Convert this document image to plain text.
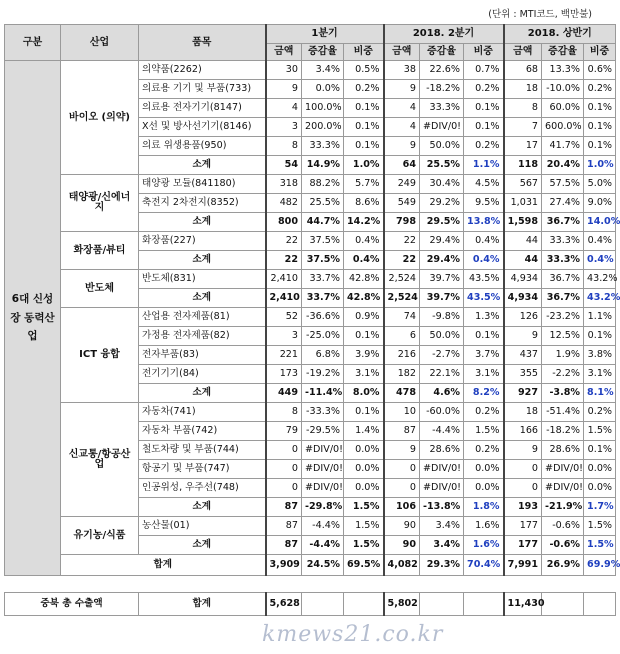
(단위 : MTI코드, 백만불)
구분	산업	품목	1분기			2018. 2분기			2018. 상반기		
			금액	증감율	비중	금액	증감율	비중	금액	증감율	비중
6대 신성장 동력산업	바이오 (의약)	의약품(2262)	30	3.4%	0.5%	38	22.6%	0.7%	68	13.3%	0.6%
		의료용 기기 및 부품(733)	9	0.0%	0.2%	9	-18.2%	0.2%	18	-10.0%	0.2%
		의료용 전자기기(8147)	4	100.0%	0.1%	4	33.3%	0.1%	8	60.0%	0.1%
		X선 및 방사선기기(8146)	3	200.0%	0.1%	4	#DIV/0!	0.1%	7	600.0%	0.1%
		의료 위생용품(950)	8	33.3%	0.1%	9	50.0%	0.2%	17	41.7%	0.1%
		소계	54	14.9%	1.0%	64	25.5%	1.1%	118	20.4%	1.0%
	태양광/신에너지	태양광 모듈(841180)	318	88.2%	5.7%	249	30.4%	4.5%	567	57.5%	5.0%
		축전지 2차전지(8352)	482	25.5%	8.6%	549	29.2%	9.5%	1,031	27.4%	9.0%
		소계	800	44.7%	14.2%	798	29.5%	13.8%	1,598	36.7%	14.0%
	화장품/뷰티	화장품(227)	22	37.5%	0.4%	22	29.4%	0.4%	44	33.3%	0.4%
		소계	22	37.5%	0.4%	22	29.4%	0.4%	44	33.3%	0.4%
	반도체	반도체(831)	2,410	33.7%	42.8%	2,524	39.7%	43.5%	4,934	36.7%	43.2%
		소계	2,410	33.7%	42.8%	2,524	39.7%	43.5%	4,934	36.7%	43.2%
	ICT 융합	산업용 전자제품(81)	52	-36.6%	0.9%	74	-9.8%	1.3%	126	-23.2%	1.1%
		가정용 전자제품(82)	3	-25.0%	0.1%	6	50.0%	0.1%	9	12.5%	0.1%
		전자부품(83)	221	6.8%	3.9%	216	-2.7%	3.7%	437	1.9%	3.8%
		전기기기(84)	173	-19.2%	3.1%	182	22.1%	3.1%	355	-2.2%	3.1%
		소계	449	-11.4%	8.0%	478	4.6%	8.2%	927	-3.8%	8.1%
	신교통/항공산업	자동차(741)	8	-33.3%	0.1%	10	-60.0%	0.2%	18	-51.4%	0.2%
		자동차 부품(742)	79	-29.5%	1.4%	87	-4.4%	1.5%	166	-18.2%	1.5%
		철도차량 및 부품(744)	0	#DIV/0!	0.0%	9	28.6%	0.2%	9	28.6%	0.1%
		항공기 및 부품(747)	0	#DIV/0!	0.0%	0	#DIV/0!	0.0%	0	#DIV/0!	0.0%
		인공위성, 우주선(748)	0	#DIV/0!	0.0%	0	#DIV/0!	0.0%	0	#DIV/0!	0.0%
		소계	87	-29.8%	1.5%	106	-13.8%	1.8%	193	-21.9%	1.7%
	유기농/식품	농산물(01)	87	-4.4%	1.5%	90	3.4%	1.6%	177	-0.6%	1.5%
		소계	87	-4.4%	1.5%	90	3.4%	1.6%	177	-0.6%	1.5%
	합계		3,909	24.5%	69.5%	4,082	29.3%	70.4%	7,991	26.9%	69.9%

중북 총 수출액		합계	5,628			5,802			11,430		
kmews21.co.kr
